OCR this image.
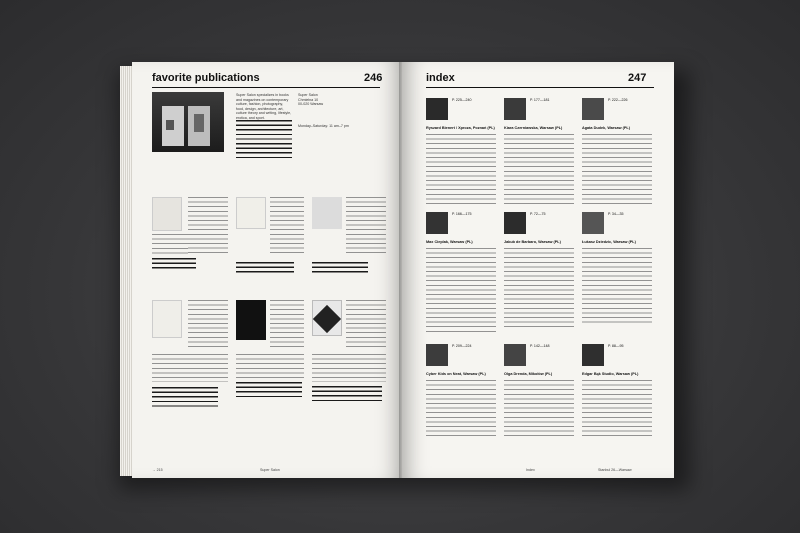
favorite publications	246
Super Salon specializes in books and magazines on contemporary culture, fashion, photography, food, design, architecture, art, culture theory and writing, lifestyle, erotica, and sport.
Super Salon
Chmielna 10
00-020 Warsaw
Monday–Saturday: 11 am–7 pm
→ 215	Super Salon
index	247
P. 225—240
Ryszard Bienert / Xproza, Poznań (PL)
P. 177—181
Kiara Czerniawska, Warsaw (PL)
P. 222—226
Agata Dudek, Warsaw (PL)
P. 166—175
Max Cieplak, Warsaw (PL)
P. 72—75
Jakub de Barbaro, Warsaw (PL)
P. 34—35
Łukasz Dziedzic, Warsaw (PL)
P. 209—224
Cyber Kids on Neat, Warsaw (PL)
P. 142—148
Olga Drenda, Mikołów (PL)
P. 88—95
Edgar Bąk Studio, Warsaw (PL)
Index	Stanbul 26—Warsaw
